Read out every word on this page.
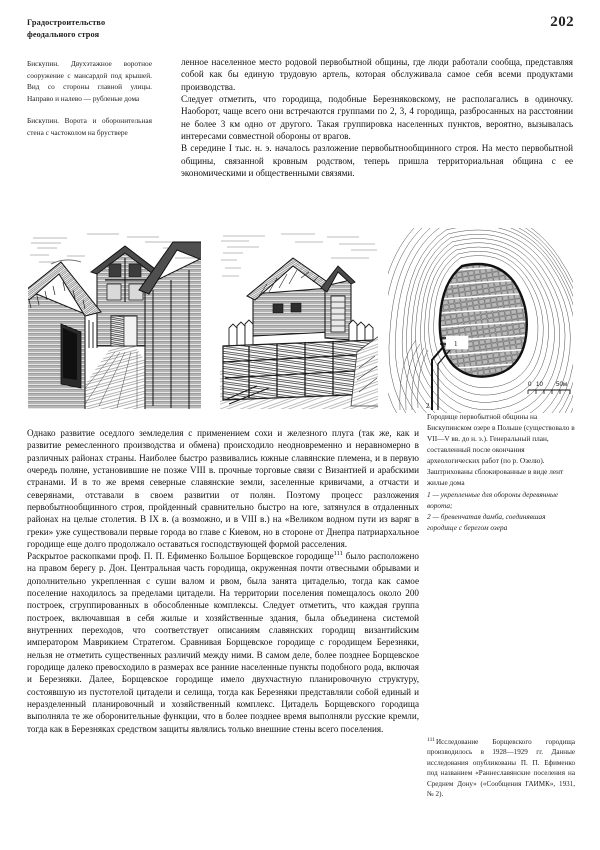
Градостроительство
феодального строя
202
Бискупин. Двухэтажное воротное сооружение с мансардой под крышей. Вид со стороны главной улицы. Направо и налево — рубленые дома
Бискупин. Ворота и оборонительная стена с частоколом на бруствере

ленное населенное место родовой первобытной общины, где люди работали сообща, представляя собой как бы единую трудовую артель, которая обслуживала самое себя всеми продуктами производства.

Следует отметить, что городища, подобные Березняковскому, не располагались в одиночку. Наоборот, чаще всего они встречаются группами по 2, 3, 4 городища, разбросанных на расстоянии не более 3 км одно от другого. Такая группировка населенных пунктов, вероятно, вызывалась интересами совместной обороны от врагов.

В середине I тыс. н. э. началось разложение первобытнообщинного строя. На место первобытной общины, связанной кровным родством, теперь пришла территориальная община с ее экономическими и общественными связями.

1
2
0 10 50м

Однако развитие оседлого земледелия с применением сохи и железного плуга (так же, как и развитие ремесленного производства и обмена) происходило неодновременно и неравномерно в различных районах страны. Наиболее быстро развивались южные славянские племена, и в первую очередь поляне, установившие не позже VIII в. прочные торговые связи с Византией и арабскими странами. И в то же время северные славянские земли, заселенные кривичами, а отчасти и северянами, отставали в своем развитии от полян. Поэтому процесс разложения первобытнообщинного строя, пройденный сравнительно быстро на юге, затянулся в отдаленных районах на целые столетия. В IX в. (а возможно, и в VIII в.) на «Великом водном пути из варяг в греки» уже существовали первые города во главе с Киевом, но в стороне от Днепра патриархальное городище еще долго продолжало оставаться господствующей формой расселения.

Раскрытое раскопками проф. П. П. Ефименко Большое Борщевское городище$^{111}$ было расположено на правом берегу р. Дон. Центральная часть городища, окруженная почти отвесными обрывами и дополнительно укрепленная с суши валом и рвом, была занята цитаделью, тогда как самое поселение находилось за пределами цитадели. На территории поселения помещалось около 200 построек, сгруппированных в обособленные комплексы. Следует отметить, что каждая группа построек, включавшая в себя жилые и хозяйственные здания, была объединена системой внутренних переходов, что соответствует описаниям славянских городищ византийским императором Маврикием Стратегом. Сравнивая Борщевское городище с городищем Березняки, нельзя не отметить существенных различий между ними. В самом деле, более позднее Борщевское городище далеко превосходило в размерах все ранние населенные пункты подобного рода, включая и Березняки. Далее, Борщевское городище имело двухчастную планировочную структуру, состоявшую из пустотелой цитадели и селища, тогда как Березняки представляли собой единый и неразделенный планировочный и хозяйственный комплекс. Цитадель Борщевского городища выполняла те же оборонительные функции, что в более позднее время выполняли русские кремли, тогда как в Березняках средством защиты являлись только внешние стены всего поселения.

Городище первобытной общины на Бискупинском озере в Польше (существовало в VII—V вв. до н. э.). Генеральный план, составленный после окончания археологических работ (по р. Озелю). Заштрихованы сблокированные в виде лент жилые дома
1 — укрепленные для обороны деревянные ворота;
2 — бревенчатая дамба, соединявшая городище с берегом озера
$^{111}$Исследование Борщевского городища производилось в 1928—1929 гг. Данные исследования опубликованы П. П. Ефименко под названием «Раннеславянские поселения на Среднем Дону» («Сообщения ГАИМК», 1931, № 2).
